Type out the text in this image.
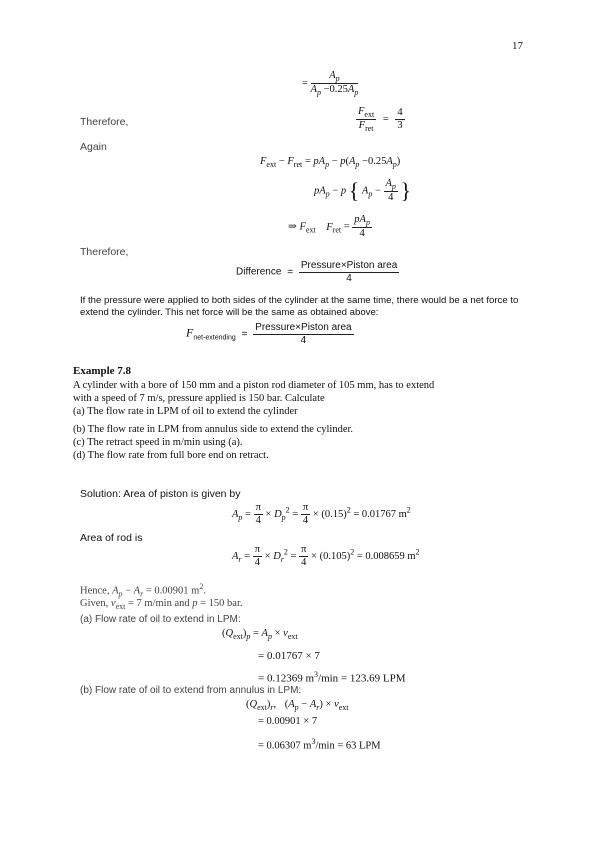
17
= $\frac{A_p}{A_p -0.25A_p}$
Therefore,	$\frac{F_{ext}}{F_{ret}} = \frac{4}{3}$
Again
$F_{ext} - F_{ret} = pA_p - p(A_p -0.25A_p)$
$pA_p - p$ { $A_p - \frac{A_p}{4}$ }
⇒ $F_{ext}$ $F_{ret} = \frac{pA_p}{4}$
Therefore,
Difference = $\frac{\text{Pressure×Piston area}}{4}$
If the pressure were applied to both sides of the cylinder at the same time, there would be a net force to
extend the cylinder. This net force will be the same as obtained above:
$F_{net-extending} = \frac{\text{Pressure×Piston area}}{4}$
Example 7.8
A cylinder with a bore of 150 mm and a piston rod diameter of 105 mm, has to extend
with a speed of 7 m/s, pressure applied is 150 bar. Calculate
(a) The flow rate in LPM of oil to extend the cylinder
(b) The flow rate in LPM from annulus side to extend the cylinder.
(c) The retract speed in m/min using (a).
(d) The flow rate from full bore end on retract.
Solution: Area of piston is given by
$A_p = \frac{\pi}{4} \times D_p^2 = \frac{\pi}{4} \times (0.15)^2 = 0.01767$ $m^2$
Area of rod is
$A_r = \frac{\pi}{4} \times D_r^2 = \frac{\pi}{4} \times (0.105)^2 = 0.008659$ $m^2$
Hence, $A_p - A_r = 0.00901$ $m^2$.
Given, $v_{ext} = 7$ m/min and p = 150 bar.
(a) Flow rate of oil to extend in LPM:
$(Q_{ext})_p = A_p \times v_{ext}$
= 0.01767 × 7
= 0.12369 $m^3/\min = 123.69$ LPM
(b) Flow rate of oil to extend from annulus in LPM:
$(Q_{ext})_r$, $(A_p - A_r) \times v_{ext}$
= 0.00901 × 7
= 0.06307 $m^3/\min = 63$ LPM
